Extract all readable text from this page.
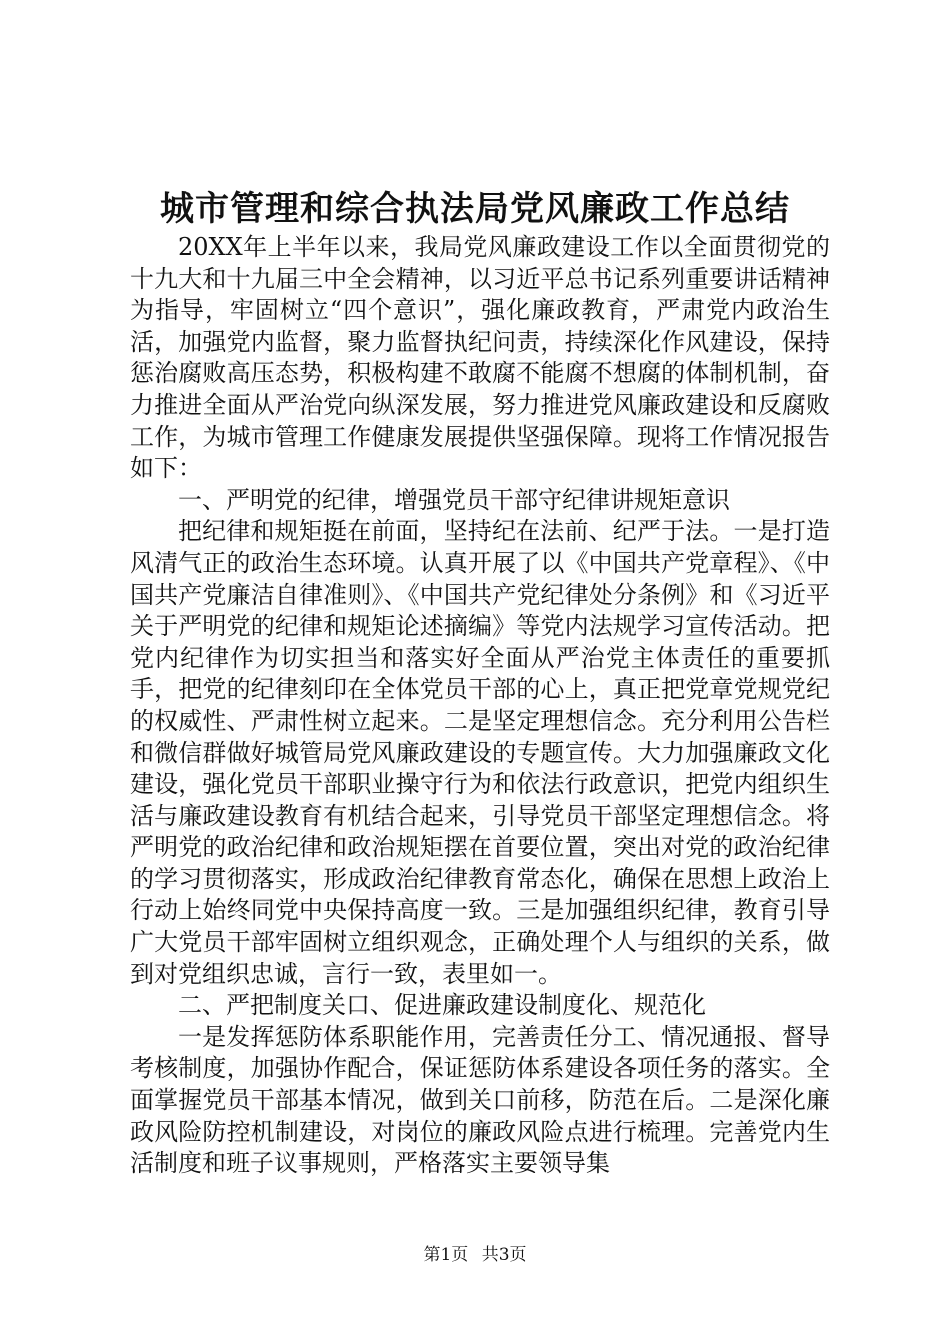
城市管理和综合执法局党风廉政工作总结

20XX年上半年以来，我局党风廉政建设工作以全面贯彻党的十九大和十九届三中全会精神，以习近平总书记系列重要讲话精神为指导，牢固树立“四个意识”，强化廉政教育，严肃党内政治生活，加强党内监督，聚力监督执纪问责，持续深化作风建设，保持惩治腐败高压态势，积极构建不敢腐不能腐不想腐的体制机制，奋力推进全面从严治党向纵深发展，努力推进党风廉政建设和反腐败工作，为城市管理工作健康发展提供坚强保障。现将工作情况报告如下：

一、严明党的纪律，增强党员干部守纪律讲规矩意识

把纪律和规矩挺在前面，坚持纪在法前、纪严于法。一是打造风清气正的政治生态环境。认真开展了以《中国共产党章程》、《中国共产党廉洁自律准则》、《中国共产党纪律处分条例》和《习近平关于严明党的纪律和规矩论述摘编》等党内法规学习宣传活动。把党内纪律作为切实担当和落实好全面从严治党主体责任的重要抓手，把党的纪律刻印在全体党员干部的心上，真正把党章党规党纪的权威性、严肃性树立起来。二是坚定理想信念。充分利用公告栏和微信群做好城管局党风廉政建设的专题宣传。大力加强廉政文化建设，强化党员干部职业操守行为和依法行政意识，把党内组织生活与廉政建设教育有机结合起来，引导党员干部坚定理想信念。将严明党的政治纪律和政治规矩摆在首要位置，突出对党的政治纪律的学习贯彻落实，形成政治纪律教育常态化，确保在思想上政治上行动上始终同党中央保持高度一致。三是加强组织纪律，教育引导广大党员干部牢固树立组织观念，正确处理个人与组织的关系，做到对党组织忠诚，言行一致，表里如一。

二、严把制度关口、促进廉政建设制度化、规范化

一是发挥惩防体系职能作用，完善责任分工、情况通报、督导考核制度，加强协作配合，保证惩防体系建设各项任务的落实。全面掌握党员干部基本情况，做到关口前移，防范在后。二是深化廉政风险防控机制建设，对岗位的廉政风险点进行梳理。完善党内生活制度和班子议事规则，严格落实主要领导集

第1页 共3页
